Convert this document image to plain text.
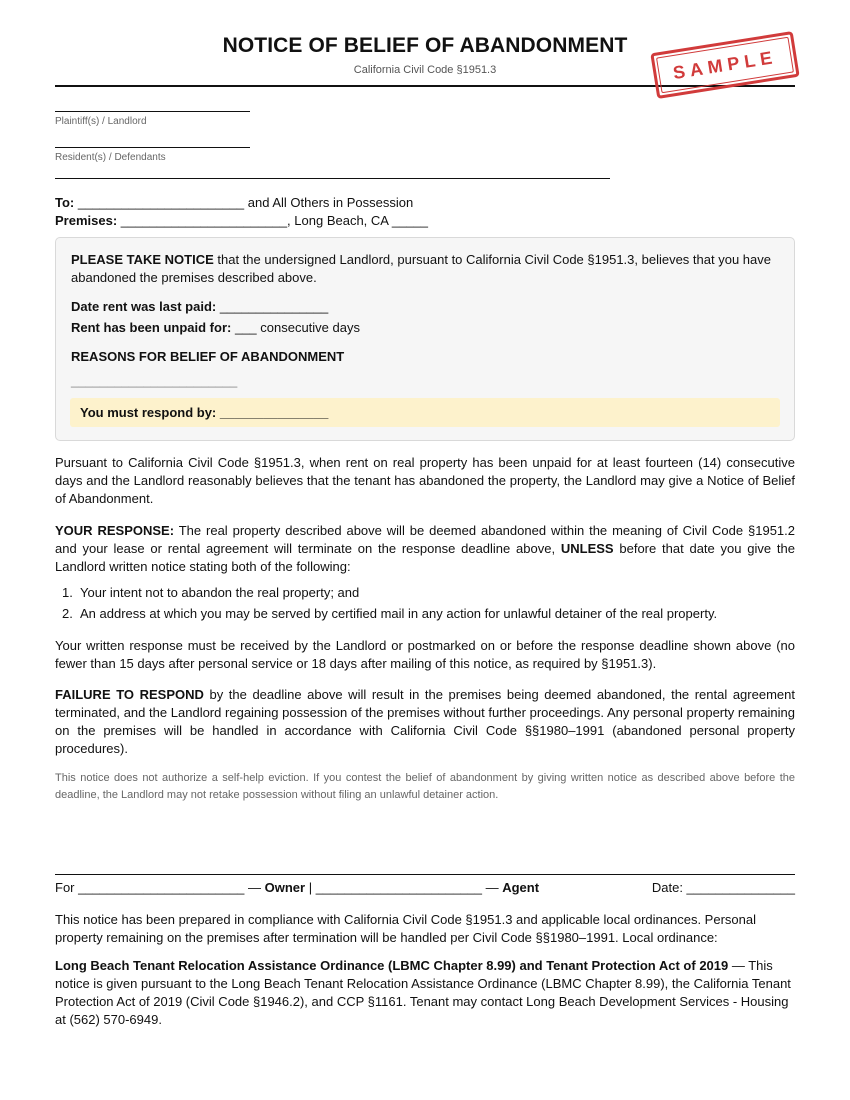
NOTICE OF BELIEF OF ABANDONMENT
California Civil Code §1951.3	SAMPLE
Plaintiff(s) / Landlord
Resident(s) / Defendants
To: _______________________ and All Others in Possession
Premises: _______________________, Long Beach, CA _____
PLEASE TAKE NOTICE that the undersigned Landlord, pursuant to California Civil Code §1951.3, believes that you have abandoned the premises described above.
Date rent was last paid: _______________
Rent has been unpaid for: ___ consecutive days
REASONS FOR BELIEF OF ABANDONMENT
_______________________
You must respond by: _______________
Pursuant to California Civil Code §1951.3, when rent on real property has been unpaid for at least fourteen (14) consecutive days and the Landlord reasonably believes that the tenant has abandoned the property, the Landlord may give a Notice of Belief of Abandonment.
YOUR RESPONSE: The real property described above will be deemed abandoned within the meaning of Civil Code §1951.2 and your lease or rental agreement will terminate on the response deadline above, UNLESS before that date you give the Landlord written notice stating both of the following:
1. Your intent not to abandon the real property; and
2. An address at which you may be served by certified mail in any action for unlawful detainer of the real property.
Your written response must be received by the Landlord or postmarked on or before the response deadline shown above (no fewer than 15 days after personal service or 18 days after mailing of this notice, as required by §1951.3).
FAILURE TO RESPOND by the deadline above will result in the premises being deemed abandoned, the rental agreement terminated, and the Landlord regaining possession of the premises without further proceedings. Any personal property remaining on the premises will be handled in accordance with California Civil Code §§1980–1991 (abandoned personal property procedures).
This notice does not authorize a self-help eviction. If you contest the belief of abandonment by giving written notice as described above before the deadline, the Landlord may not retake possession without filing an unlawful detainer action.
For _______________________ — Owner | _______________________ — Agent	Date: _______________
This notice has been prepared in compliance with California Civil Code §1951.3 and applicable local ordinances. Personal property remaining on the premises after termination will be handled per Civil Code §§1980–1991. Local ordinance:
Long Beach Tenant Relocation Assistance Ordinance (LBMC Chapter 8.99) and Tenant Protection Act of 2019 — This notice is given pursuant to the Long Beach Tenant Relocation Assistance Ordinance (LBMC Chapter 8.99), the California Tenant Protection Act of 2019 (Civil Code §1946.2), and CCP §1161. Tenant may contact Long Beach Development Services - Housing at (562) 570-6949.
